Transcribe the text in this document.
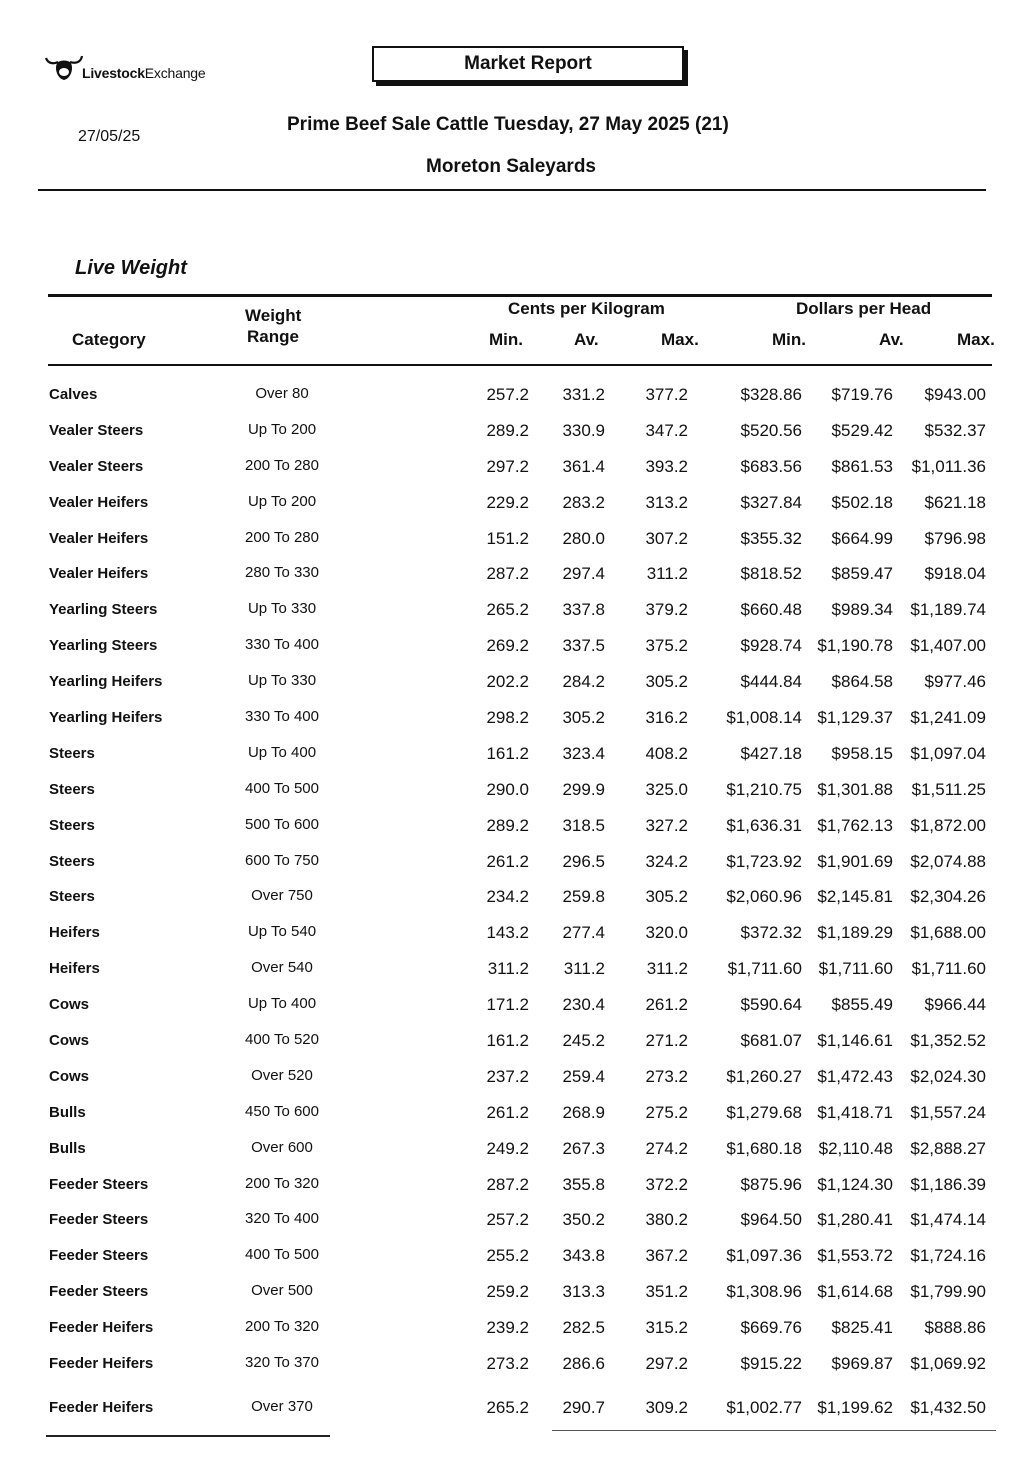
LivestockExchange	Market Report
27/05/25
Prime Beef Sale Cattle Tuesday, 27 May 2025 (21)
Moreton Saleyards
Live Weight
Category
Weight
Range
Cents per Kilogram	Dollars per Head
Min.	Av.	Max.	Min.	Av.	Max.
Calves	Over 80	257.2 331.2 377.2	$328.86 $719.76 $943.00
Vealer Steers	Up To 200	289.2 330.9 347.2	$520.56 $529.42 $532.37
Vealer Steers	200 To 280	297.2 361.4 393.2	$683.56 $861.53 $1,011.36
Vealer Heifers	Up To 200	229.2 283.2 313.2	$327.84 $502.18 $621.18
Vealer Heifers	200 To 280	151.2 280.0 307.2	$355.32 $664.99 $796.98
Vealer Heifers	280 To 330	287.2 297.4 311.2	$818.52 $859.47 $918.04
Yearling Steers	Up To 330	265.2 337.8 379.2	$660.48 $989.34 $1,189.74
Yearling Steers	330 To 400	269.2 337.5 375.2	$928.74 $1,190.78 $1,407.00
Yearling Heifers	Up To 330	202.2 284.2 305.2	$444.84 $864.58 $977.46
Yearling Heifers	330 To 400	298.2 305.2 316.2 $1,008.14 $1,129.37 $1,241.09
Steers	Up To 400	161.2 323.4 408.2	$427.18 $958.15 $1,097.04
Steers	400 To 500	290.0 299.9 325.0 $1,210.75 $1,301.88 $1,511.25
Steers	500 To 600	289.2 318.5 327.2 $1,636.31 $1,762.13 $1,872.00
Steers	600 To 750	261.2 296.5 324.2 $1,723.92 $1,901.69 $2,074.88
Steers	Over 750	234.2 259.8 305.2 $2,060.96 $2,145.81 $2,304.26
Heifers	Up To 540	143.2 277.4 320.0	$372.32 $1,189.29 $1,688.00
Heifers	Over 540	311.2 311.2 311.2 $1,711.60 $1,711.60 $1,711.60
Cows	Up To 400	171.2 230.4 261.2	$590.64 $855.49 $966.44
Cows	400 To 520	161.2 245.2 271.2	$681.07 $1,146.61 $1,352.52
Cows	Over 520	237.2 259.4 273.2 $1,260.27 $1,472.43 $2,024.30
Bulls	450 To 600	261.2 268.9 275.2 $1,279.68 $1,418.71 $1,557.24
Bulls	Over 600	249.2 267.3 274.2 $1,680.18 $2,110.48 $2,888.27
Feeder Steers	200 To 320	287.2 355.8 372.2	$875.96 $1,124.30 $1,186.39
Feeder Steers	320 To 400	257.2 350.2 380.2	$964.50 $1,280.41 $1,474.14
Feeder Steers	400 To 500	255.2 343.8 367.2 $1,097.36 $1,553.72 $1,724.16
Feeder Steers	Over 500	259.2 313.3 351.2 $1,308.96 $1,614.68 $1,799.90
Feeder Heifers	200 To 320	239.2 282.5 315.2	$669.76 $825.41 $888.86
Feeder Heifers	320 To 370	273.2 286.6 297.2	$915.22 $969.87 $1,069.92
Feeder Heifers	Over 370	265.2 290.7 309.2 $1,002.77 $1,199.62 $1,432.50
